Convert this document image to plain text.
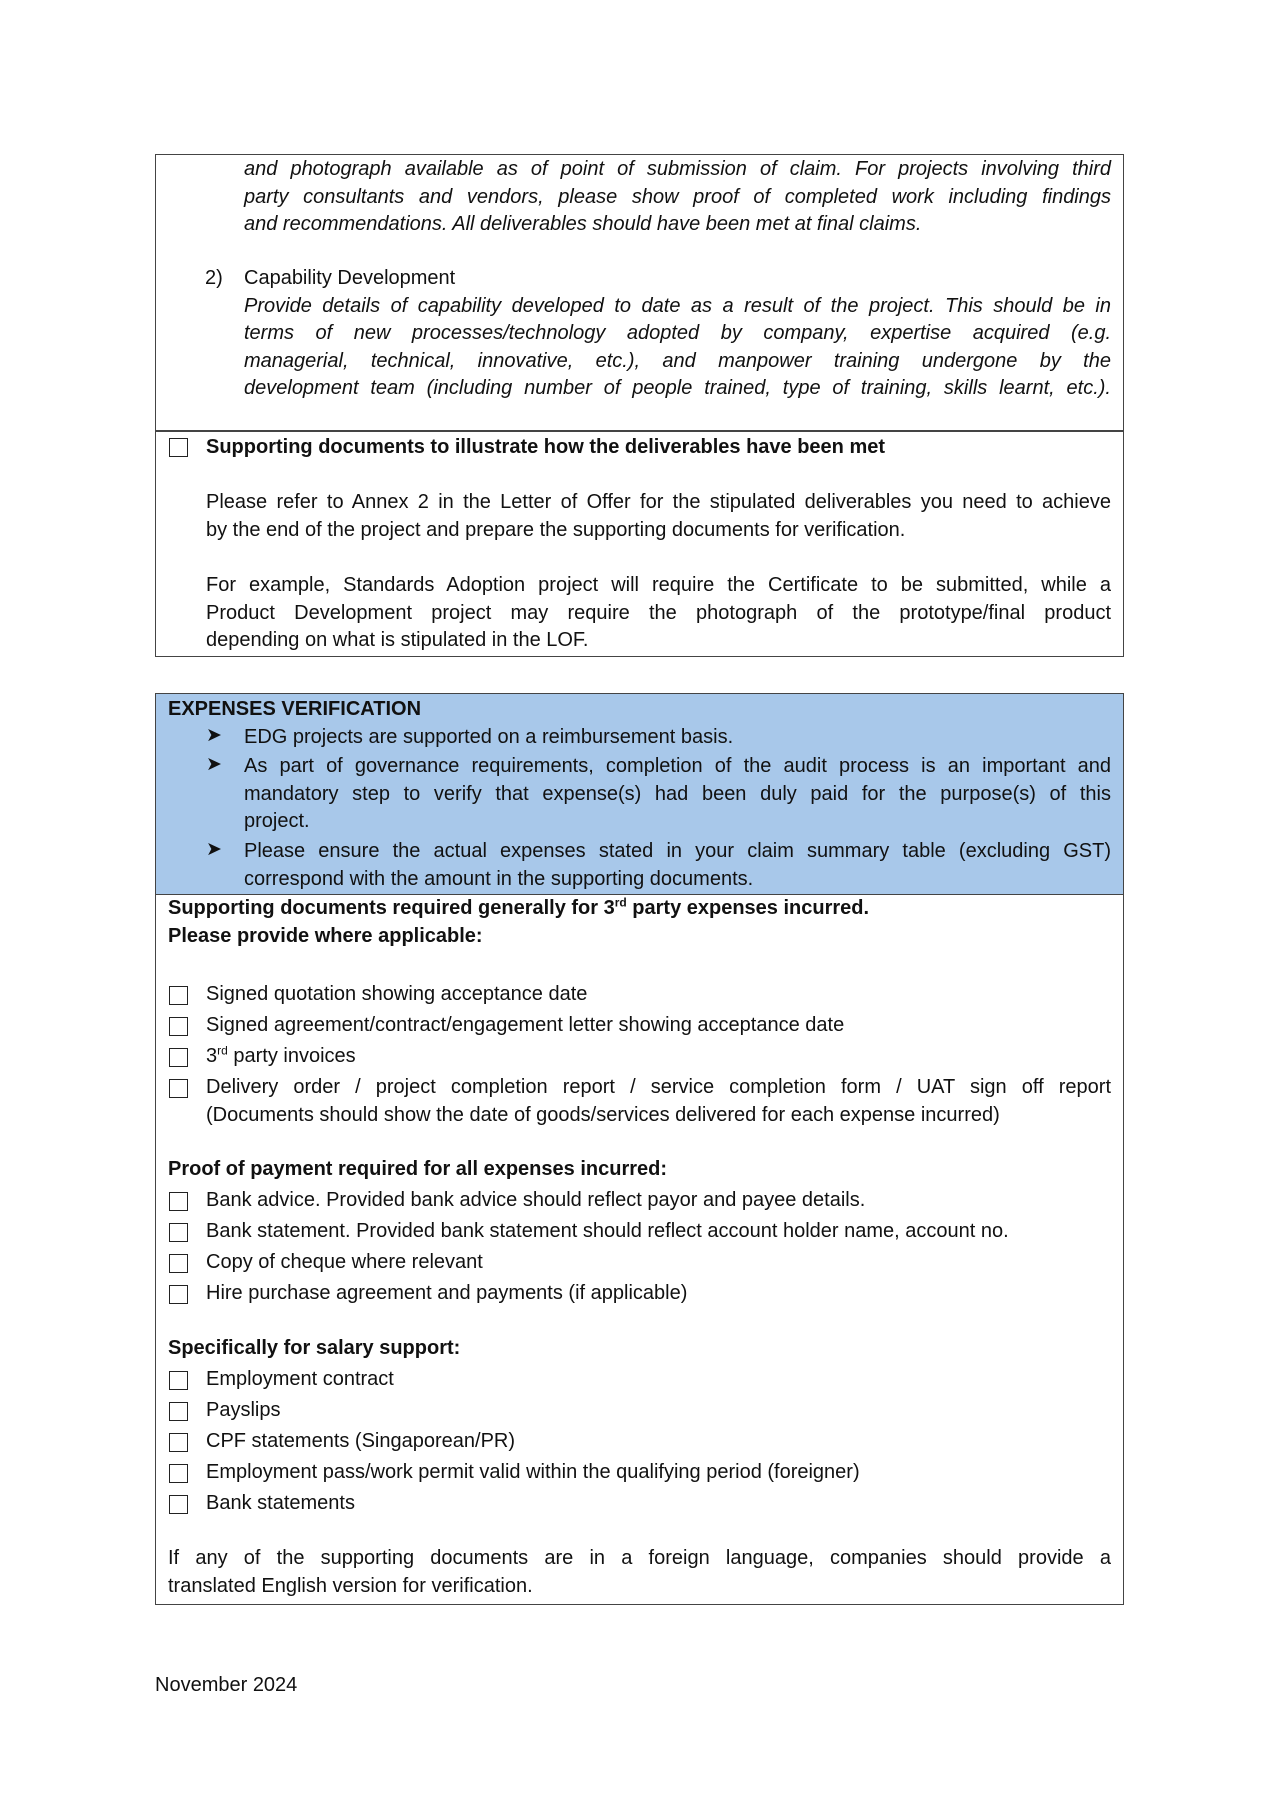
and photograph available as of point of submission of claim. For projects involving third
party consultants and vendors, please show proof of completed work including findings
and recommendations. All deliverables should have been met at final claims.
2) Capability Development
Provide details of capability developed to date as a result of the project. This should be in
terms of new processes/technology adopted by company, expertise acquired (e.g.
managerial, technical, innovative, etc.), and manpower training undergone by the
development team (including number of people trained, type of training, skills learnt, etc.).
Supporting documents to illustrate how the deliverables have been met
Please refer to Annex 2 in the Letter of Offer for the stipulated deliverables you need to achieve
by the end of the project and prepare the supporting documents for verification.
For example, Standards Adoption project will require the Certificate to be submitted, while a
Product Development project may require the photograph of the prototype/final product
depending on what is stipulated in the LOF.
EXPENSES VERIFICATION
➤ EDG projects are supported on a reimbursement basis.
➤ As part of governance requirements, completion of the audit process is an important and
mandatory step to verify that expense(s) had been duly paid for the purpose(s) of this
project.
➤ Please ensure the actual expenses stated in your claim summary table (excluding GST)
correspond with the amount in the supporting documents.
Supporting documents required generally for 3rd party expenses incurred.
Please provide where applicable:
Signed quotation showing acceptance date
Signed agreement/contract/engagement letter showing acceptance date
3rd party invoices
Delivery order / project completion report / service completion form / UAT sign off report
(Documents should show the date of goods/services delivered for each expense incurred)
Proof of payment required for all expenses incurred:
Bank advice. Provided bank advice should reflect payor and payee details.
Bank statement. Provided bank statement should reflect account holder name, account no.
Copy of cheque where relevant
Hire purchase agreement and payments (if applicable)
Specifically for salary support:
Employment contract
Payslips
CPF statements (Singaporean/PR)
Employment pass/work permit valid within the qualifying period (foreigner)
Bank statements
If any of the supporting documents are in a foreign language, companies should provide a
translated English version for verification.
November 2024
